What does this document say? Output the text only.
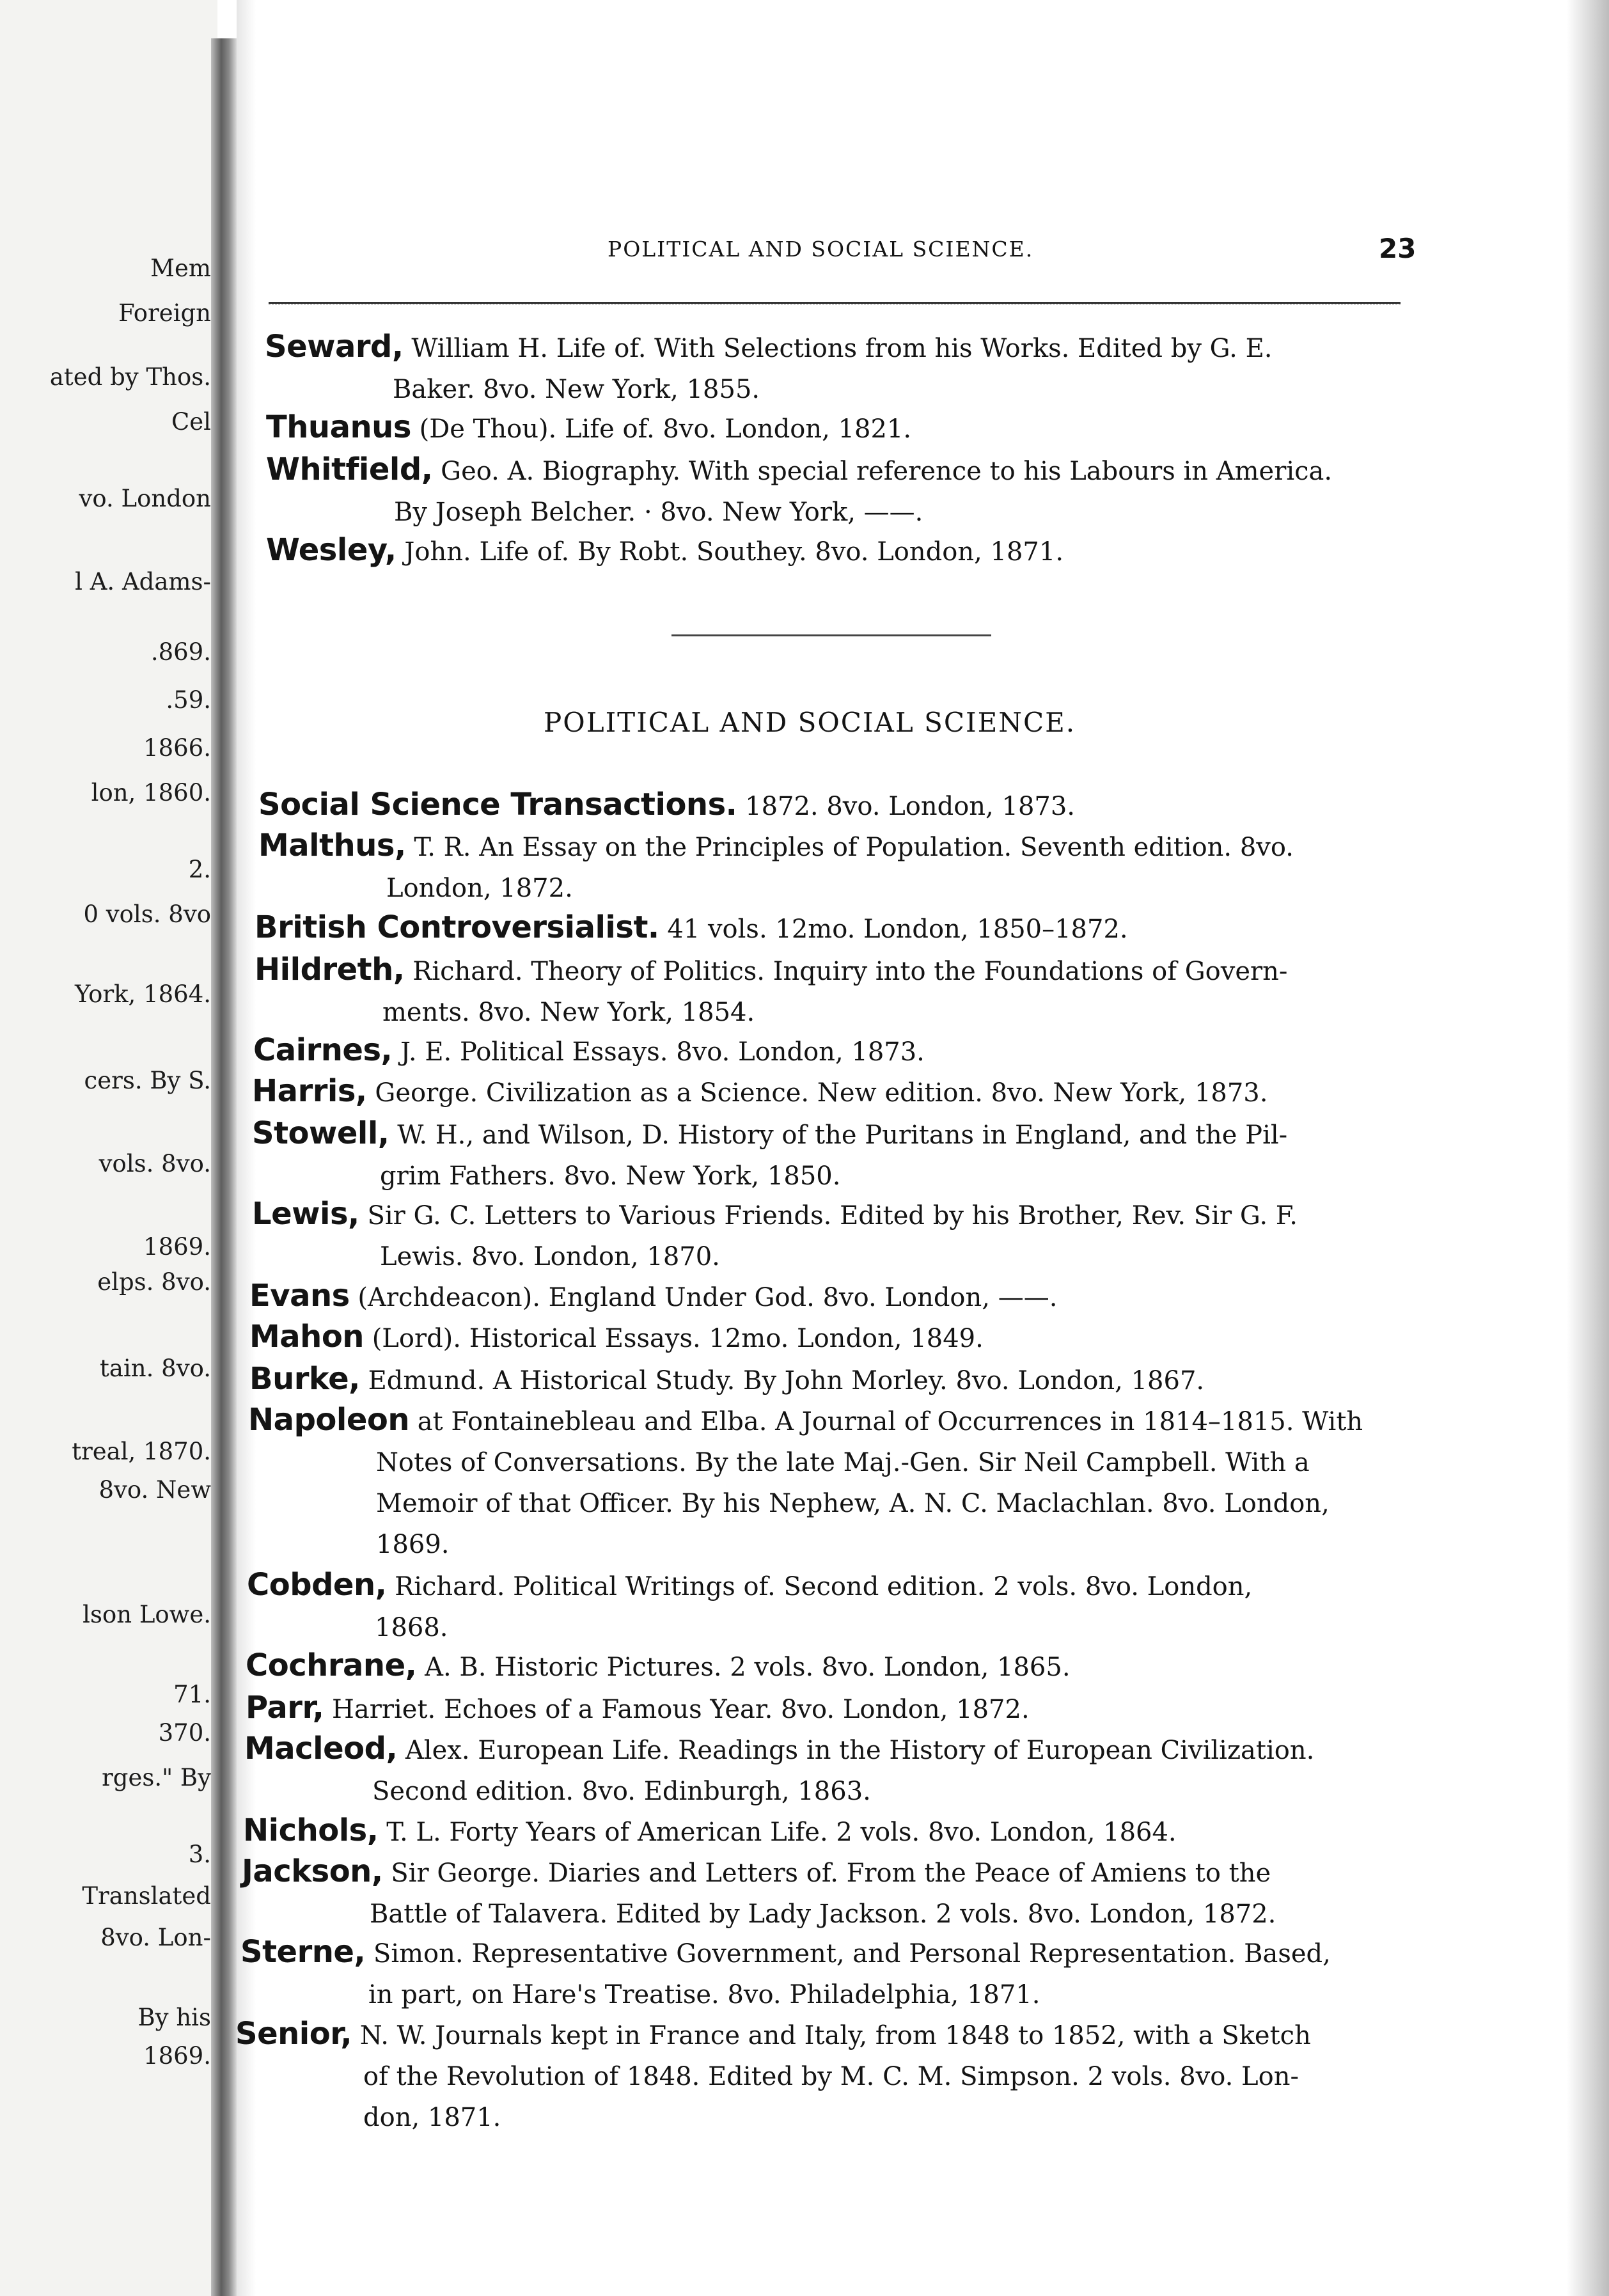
Mem
Foreign
ated by Thos.
Cel
vo. London
l A. Adams-
.869.
.59.
1866.
lon, 1860.
2.
0 vols. 8vo
York, 1864.
cers. By S.
vols. 8vo.
1869.
elps. 8vo.
tain. 8vo.
treal, 1870.
8vo. New
lson Lowe.
71.
370.
rges." By
3.
Translated
8vo. Lon-
By his
1869.
POLITICAL AND SOCIAL SCIENCE.	23
POLITICAL AND SOCIAL SCIENCE.
Seward, William H. Life of. With Selections from his Works. Edited by G. E.
Baker. 8vo. New York, 1855.
Thuanus (De Thou). Life of. 8vo. London, 1821.
Whitfield, Geo. A. Biography. With special reference to his Labours in America.
By Joseph Belcher. · 8vo. New York, ——.
Wesley, John. Life of. By Robt. Southey. 8vo. London, 1871.
Social Science Transactions. 1872. 8vo. London, 1873.
Malthus, T. R. An Essay on the Principles of Population. Seventh edition. 8vo.
London, 1872.
British Controversialist. 41 vols. 12mo. London, 1850–1872.
Hildreth, Richard. Theory of Politics. Inquiry into the Foundations of Govern-
ments. 8vo. New York, 1854.
Cairnes, J. E. Political Essays. 8vo. London, 1873.
Harris, George. Civilization as a Science. New edition. 8vo. New York, 1873.
Stowell, W. H., and Wilson, D. History of the Puritans in England, and the Pil-
grim Fathers. 8vo. New York, 1850.
Lewis, Sir G. C. Letters to Various Friends. Edited by his Brother, Rev. Sir G. F.
Lewis. 8vo. London, 1870.
Evans (Archdeacon). England Under God. 8vo. London, ——.
Mahon (Lord). Historical Essays. 12mo. London, 1849.
Burke, Edmund. A Historical Study. By John Morley. 8vo. London, 1867.
Napoleon at Fontainebleau and Elba. A Journal of Occurrences in 1814–1815. With
Notes of Conversations. By the late Maj.-Gen. Sir Neil Campbell. With a
Memoir of that Officer. By his Nephew, A. N. C. Maclachlan. 8vo. London,
1869.
Cobden, Richard. Political Writings of. Second edition. 2 vols. 8vo. London,
1868.
Cochrane, A. B. Historic Pictures. 2 vols. 8vo. London, 1865.
Parr, Harriet. Echoes of a Famous Year. 8vo. London, 1872.
Macleod, Alex. European Life. Readings in the History of European Civilization.
Second edition. 8vo. Edinburgh, 1863.
Nichols, T. L. Forty Years of American Life. 2 vols. 8vo. London, 1864.
Jackson, Sir George. Diaries and Letters of. From the Peace of Amiens to the
Battle of Talavera. Edited by Lady Jackson. 2 vols. 8vo. London, 1872.
Sterne, Simon. Representative Government, and Personal Representation. Based,
in part, on Hare's Treatise. 8vo. Philadelphia, 1871.
Senior, N. W. Journals kept in France and Italy, from 1848 to 1852, with a Sketch
of the Revolution of 1848. Edited by M. C. M. Simpson. 2 vols. 8vo. Lon-
don, 1871.
